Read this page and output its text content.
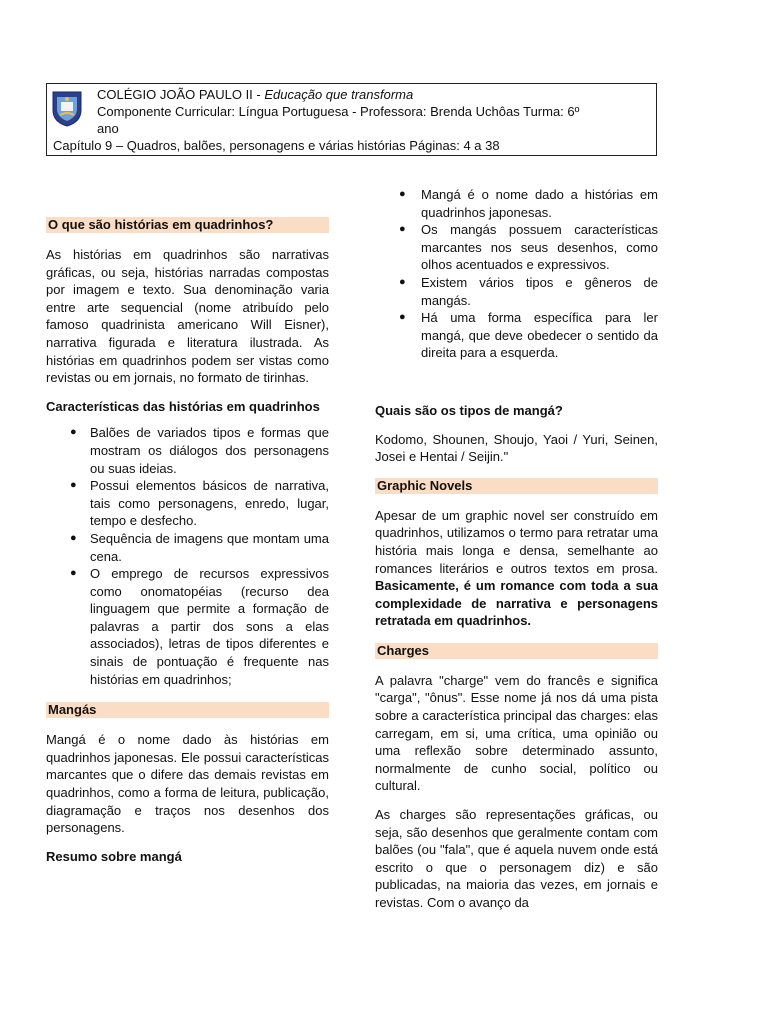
COLÉGIO JOÃO PAULO II - Educação que transforma
Componente Curricular: Língua Portuguesa - Professora: Brenda Uchôas Turma: 6º
ano
Capítulo 9 – Quadros, balões, personagens e várias histórias Páginas: 4 a 38
O que são histórias em quadrinhos?

As histórias em quadrinhos são narrativas gráficas, ou seja, histórias narradas compostas por imagem e texto. Sua denominação varia entre arte sequencial (nome atribuído pelo famoso quadrinista americano Will Eisner), narrativa figurada e literatura ilustrada. As histórias em quadrinhos podem ser vistas como revistas ou em jornais, no formato de tirinhas.

Características das histórias em quadrinhos

● Balões de variados tipos e formas que mostram os diálogos dos personagens ou suas ideias.
● Possui elementos básicos de narrativa, tais como personagens, enredo, lugar, tempo e desfecho.
● Sequência de imagens que montam uma cena.
● O emprego de recursos expressivos como onomatopéias (recurso dea linguagem que permite a formação de palavras a partir dos sons a elas associados), letras de tipos diferentes e sinais de pontuação é frequente nas histórias em quadrinhos;
Mangás

Mangá é o nome dado às histórias em quadrinhos japonesas. Ele possui características marcantes que o difere das demais revistas em quadrinhos, como a forma de leitura, publicação, diagramação e traços nos desenhos dos personagens.

Resumo sobre mangá

● Mangá é o nome dado a histórias em quadrinhos japonesas.
● Os mangás possuem características marcantes nos seus desenhos, como olhos acentuados e expressivos.
● Existem vários tipos e gêneros de mangás.
● Há uma forma específica para ler mangá, que deve obedecer o sentido da direita para a esquerda.

Quais são os tipos de mangá?

Kodomo, Shounen, Shoujo, Yaoi / Yuri, Seinen, Josei e Hentai / Seijin."

Graphic Novels

Apesar de um graphic novel ser construído em quadrinhos, utilizamos o termo para retratar uma história mais longa e densa, semelhante ao romances literários e outros textos em prosa. Basicamente, é um romance com toda a sua complexidade de narrativa e personagens retratada em quadrinhos.

Charges

A palavra "charge" vem do francês e significa "carga", "ônus". Esse nome já nos dá uma pista sobre a característica principal das charges: elas carregam, em si, uma crítica, uma opinião ou uma reflexão sobre determinado assunto, normalmente de cunho social, político ou cultural.

As charges são representações gráficas, ou seja, são desenhos que geralmente contam com balões (ou "fala", que é aquela nuvem onde está escrito o que o personagem diz) e são publicadas, na maioria das vezes, em jornais e revistas. Com o avanço da
